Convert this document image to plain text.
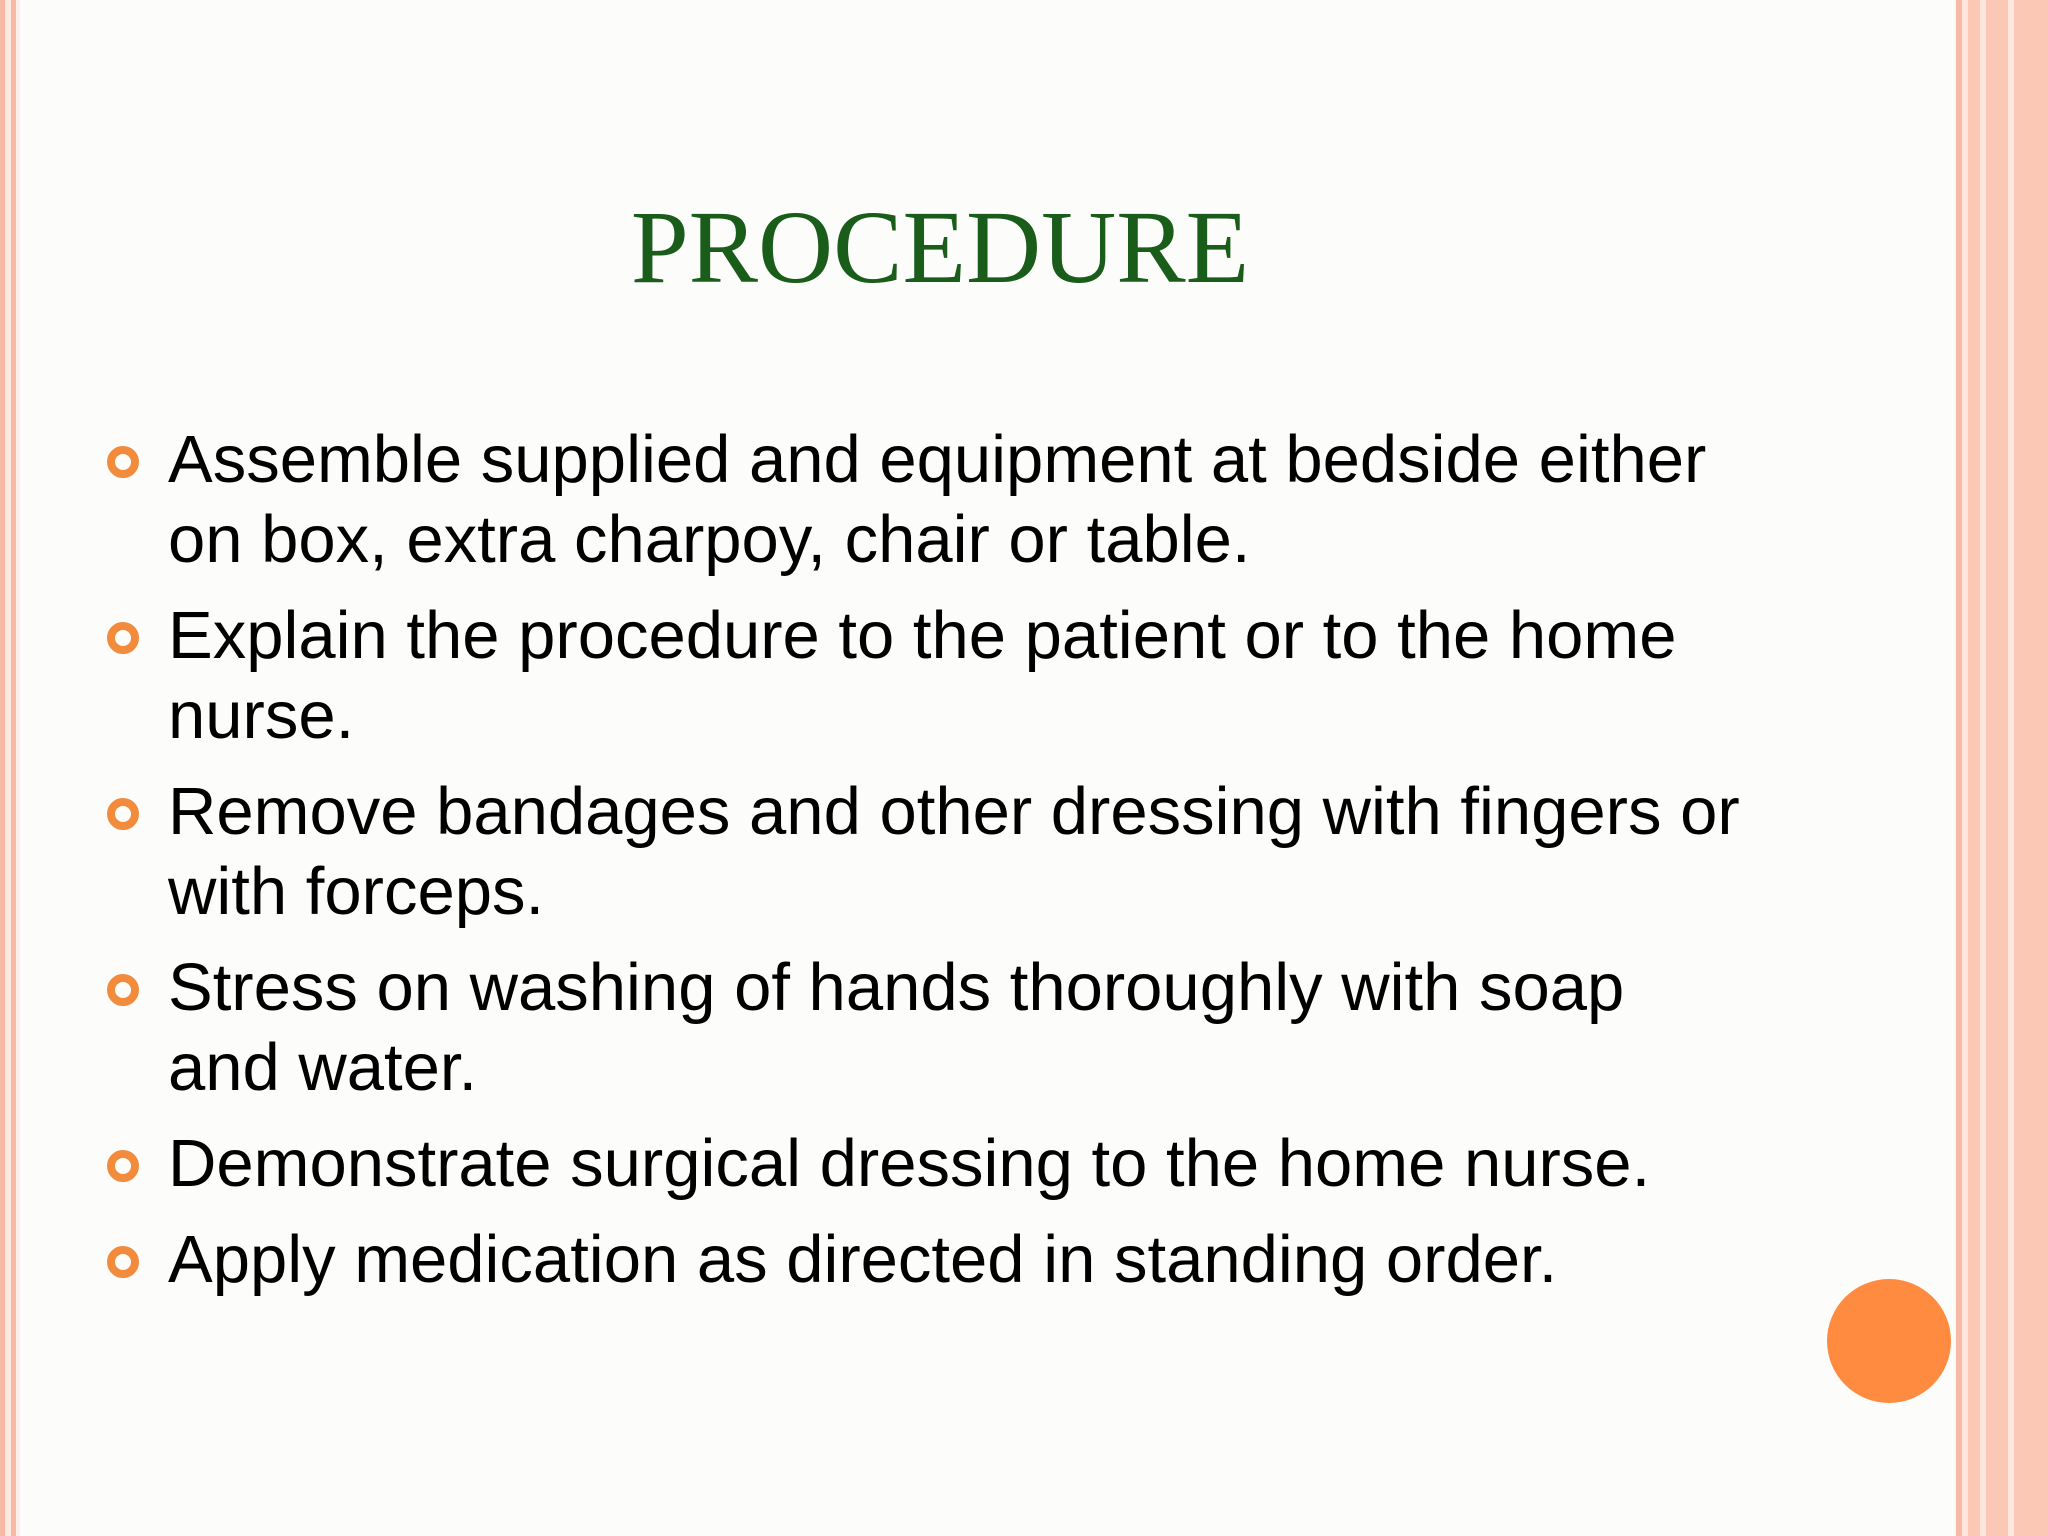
PROCEDURE
Assemble supplied and equipment at bedside either on box, extra charpoy, chair or table.
Explain the procedure to the patient or to the home nurse.
Remove bandages and other dressing with fingers or with forceps.
Stress on washing of hands thoroughly with soap and water.
Demonstrate surgical dressing to the home nurse.
Apply medication as directed in standing order.
